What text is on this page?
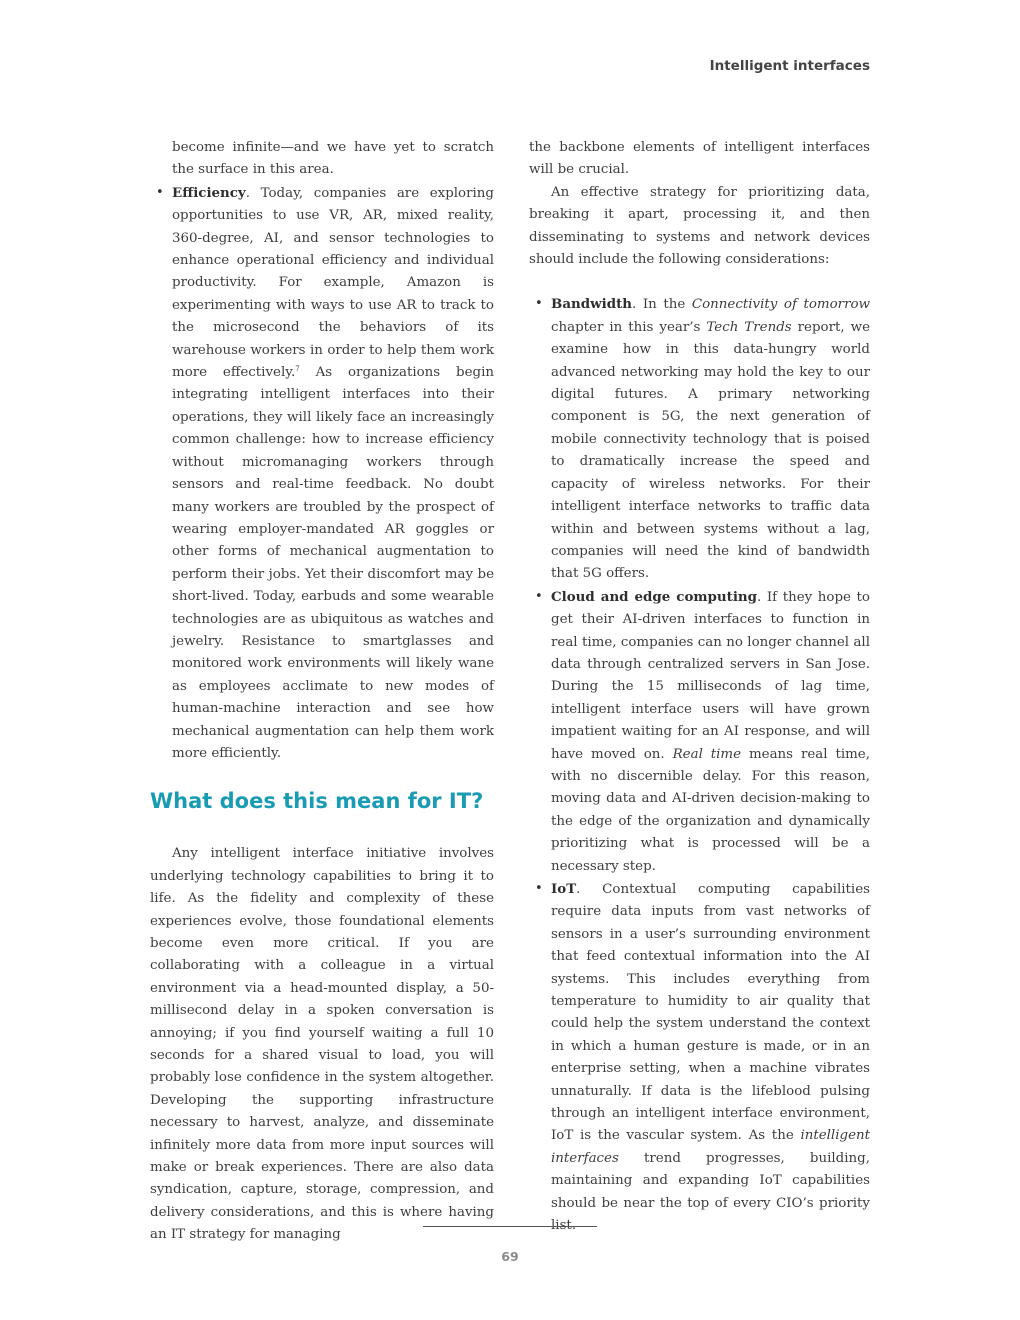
Intelligent interfaces

become infinite—and we have yet to scratch the surface in this area.

• Efficiency. Today, companies are exploring opportunities to use VR, AR, mixed reality, 360-degree, AI, and sensor technologies to enhance operational efficiency and individual productivity. For example, Amazon is experimenting with ways to use AR to track to the microsecond the behaviors of its warehouse workers in order to help them work more effectively.$^7$ As organizations begin integrating intelligent interfaces into their operations, they will likely face an increasingly common challenge: how to increase efficiency without micromanaging workers through sensors and real-time feedback. No doubt many workers are troubled by the prospect of wearing employer-mandated AR goggles or other forms of mechanical augmentation to perform their jobs. Yet their discomfort may be short-lived. Today, earbuds and some wearable technologies are as ubiquitous as watches and jewelry. Resistance to smartglasses and monitored work environments will likely wane as employees acclimate to new modes of human-machine interaction and see how mechanical augmentation can help them work more efficiently.
What does this mean for IT?

Any intelligent interface initiative involves underlying technology capabilities to bring it to life. As the fidelity and complexity of these experiences evolve, those foundational elements become even more critical. If you are collaborating with a colleague in a virtual environment via a head-mounted display, a 50-millisecond delay in a spoken conversation is annoying; if you find yourself waiting a full 10 seconds for a shared visual to load, you will probably lose confidence in the system altogether. Developing the supporting infrastructure necessary to harvest, analyze, and disseminate infinitely more data from more input sources will make or break experiences. There are also data syndication, capture, storage, compression, and delivery considerations, and this is where having an IT strategy for managing

the backbone elements of intelligent interfaces will be crucial.

An effective strategy for prioritizing data, breaking it apart, processing it, and then disseminating to systems and network devices should include the following considerations:

• Bandwidth. In the Connectivity of tomorrow chapter in this year’s Tech Trends report, we examine how in this data-hungry world advanced networking may hold the key to our digital futures. A primary networking component is 5G, the next generation of mobile connectivity technology that is poised to dramatically increase the speed and capacity of wireless networks. For their intelligent interface networks to traffic data within and between systems without a lag, companies will need the kind of bandwidth that 5G offers.
• Cloud and edge computing. If they hope to get their AI-driven interfaces to function in real time, companies can no longer channel all data through centralized servers in San Jose. During the 15 milliseconds of lag time, intelligent interface users will have grown impatient waiting for an AI response, and will have moved on. Real time means real time, with no discernible delay. For this reason, moving data and AI-driven decision-making to the edge of the organization and dynamically prioritizing what is processed will be a necessary step.
• IoT. Contextual computing capabilities require data inputs from vast networks of sensors in a user’s surrounding environment that feed contextual information into the AI systems. This includes everything from temperature to humidity to air quality that could help the system understand the context in which a human gesture is made, or in an enterprise setting, when a machine vibrates unnaturally. If data is the lifeblood pulsing through an intelligent interface environment, IoT is the vascular system. As the intelligent interfaces trend progresses, building, maintaining and expanding IoT capabilities should be near the top of every CIO’s priority list.
69
